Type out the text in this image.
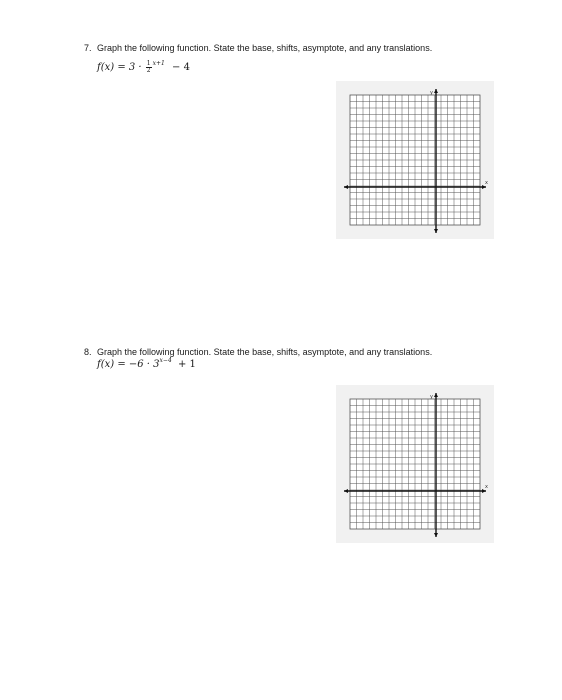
7. Graph the following function. State the base, shifts, asymptote, and any translations.
$f(x) = 3 \cdot \frac{1}{2} ^{x+1} - 4$
x
y
8. Graph the following function. State the base, shifts, asymptote, and any translations.
$f(x) = -6 \cdot 3^{x-4} + 1$
x
y
